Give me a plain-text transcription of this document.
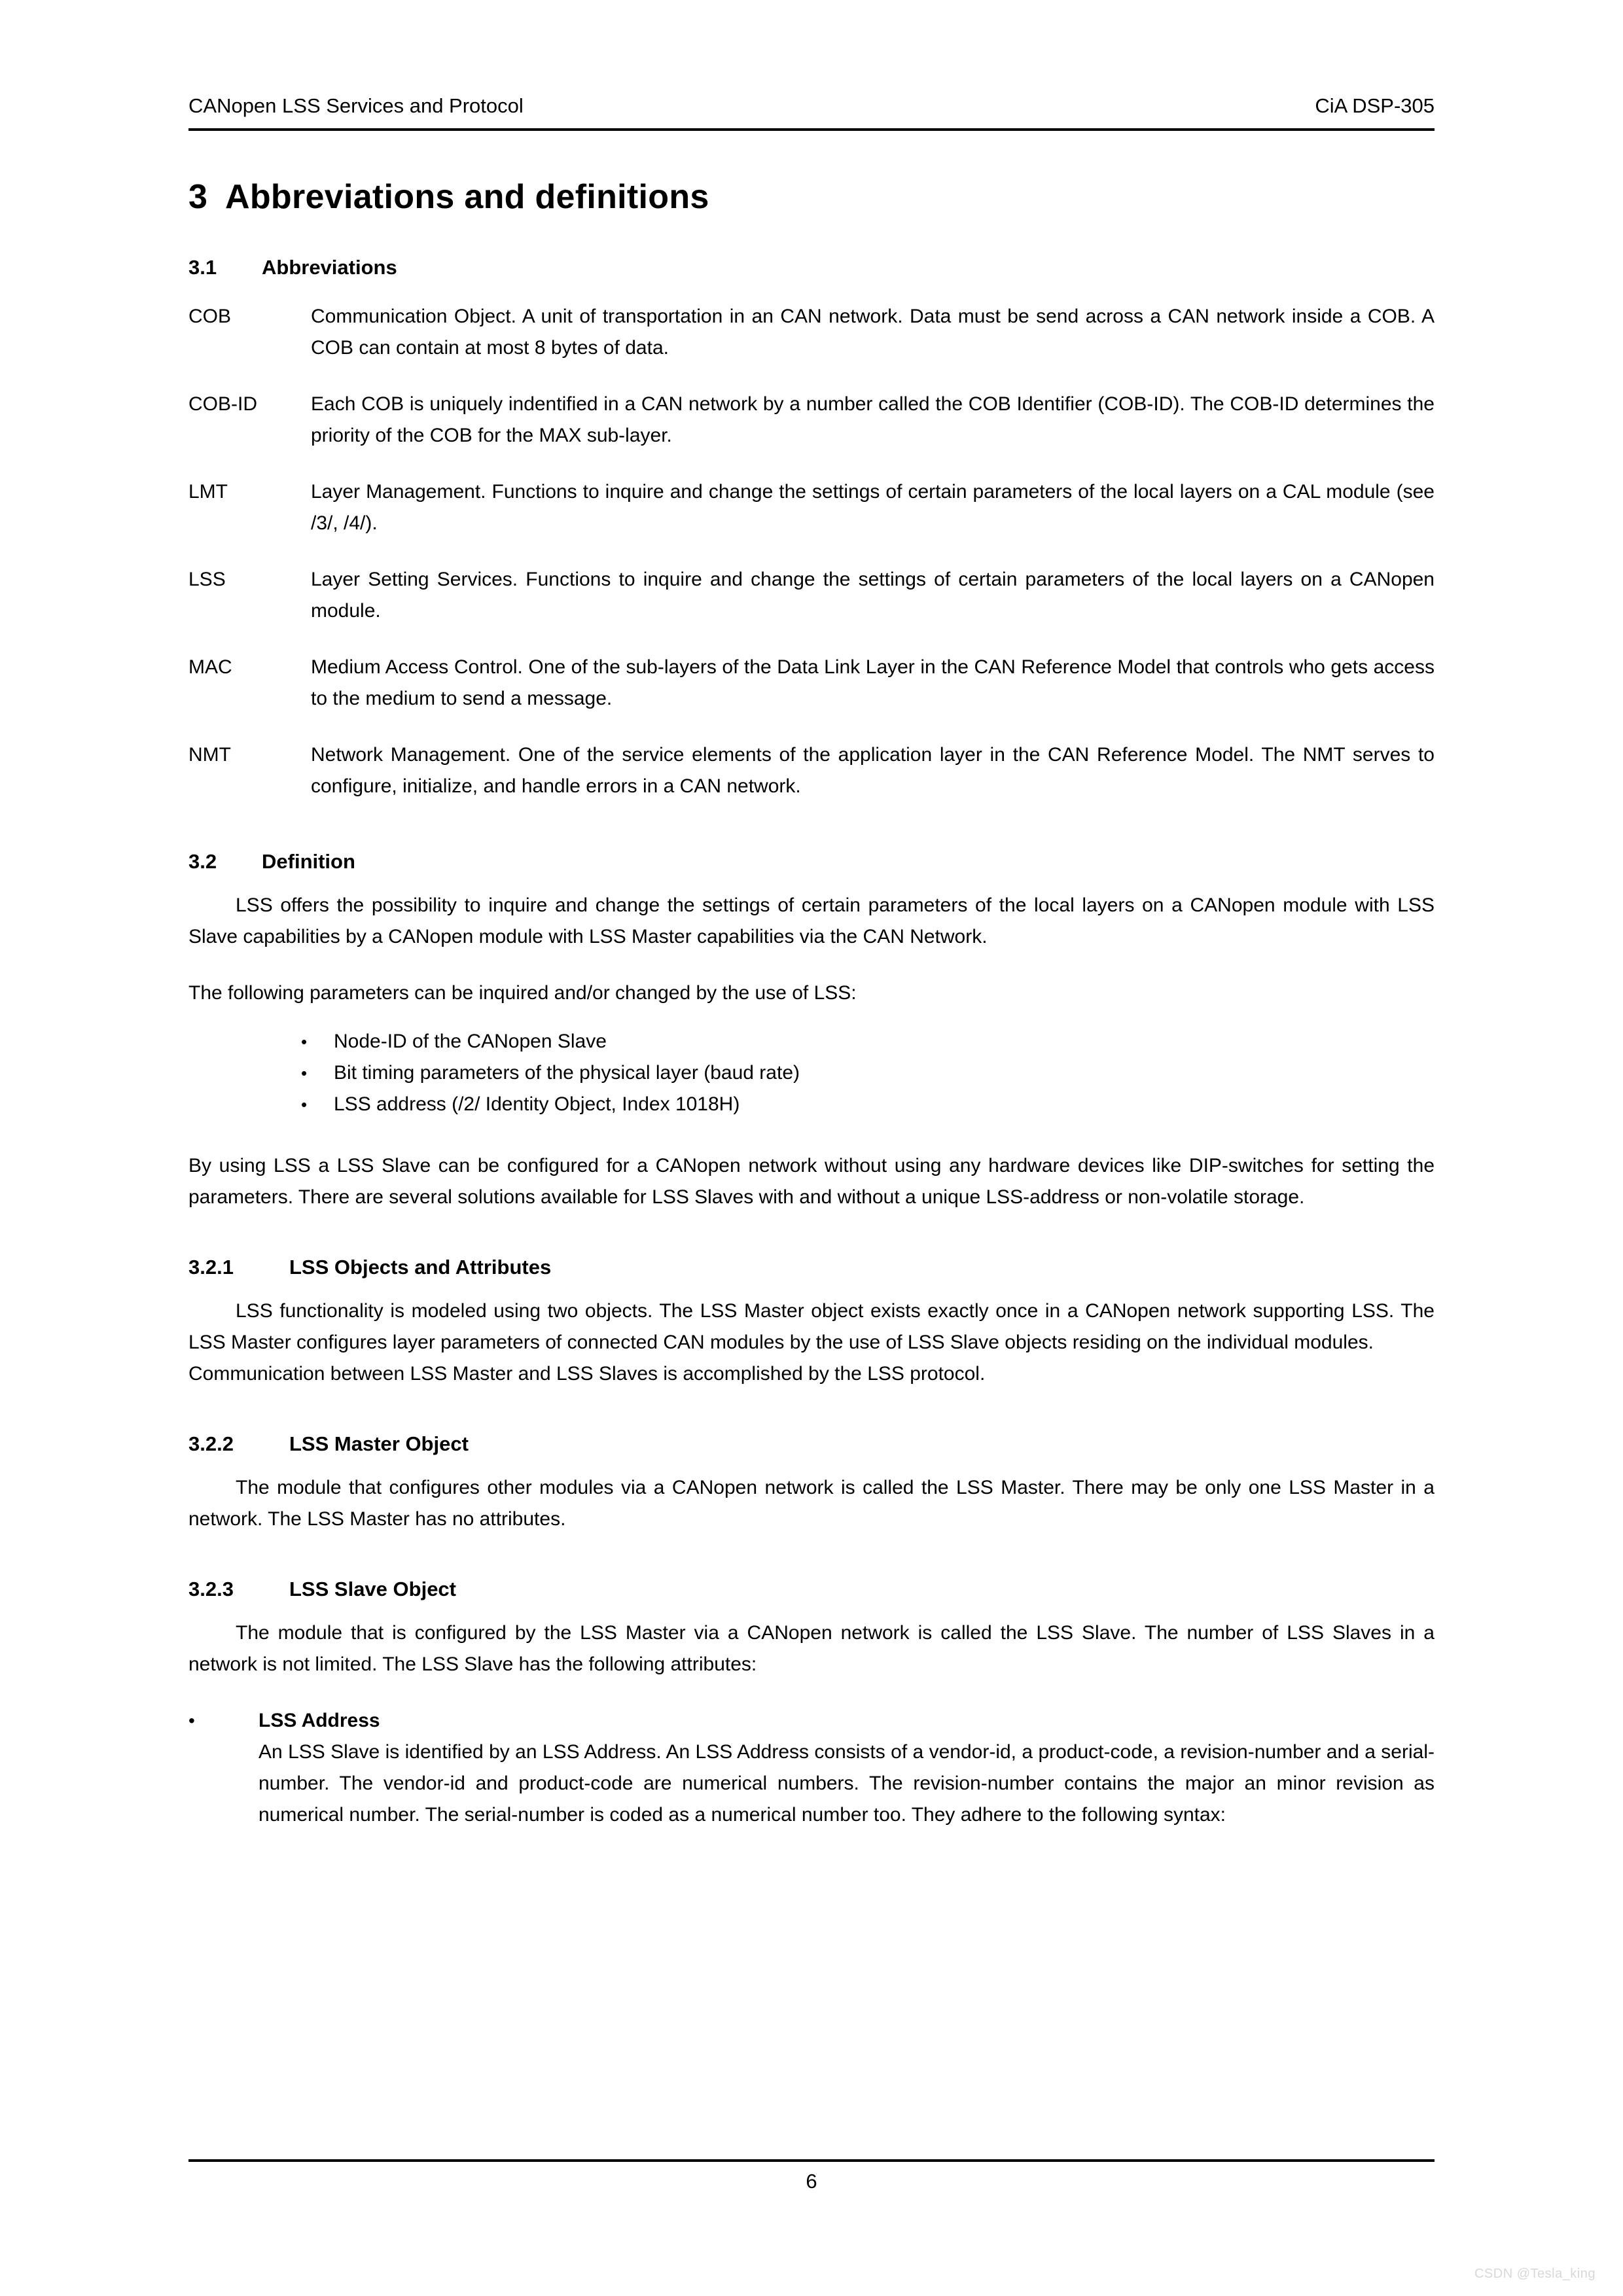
CANopen LSS Services and Protocol	CiA DSP-305
3 Abbreviations and definitions
3.1 Abbreviations
COB	Communication Object. A unit of transportation in an CAN network. Data must be send across a CAN network inside a COB. A COB can contain at most 8 bytes of data.
COB-ID	Each COB is uniquely indentified in a CAN network by a number called the COB Identifier (COB-ID). The COB-ID determines the priority of the COB for the MAX sub-layer.
LMT	Layer Management. Functions to inquire and change the settings of certain parameters of the local layers on a CAL module (see /3/, /4/).
LSS	Layer Setting Services. Functions to inquire and change the settings of certain parameters of the local layers on a CANopen module.
MAC	Medium Access Control. One of the sub-layers of the Data Link Layer in the CAN Reference Model that controls who gets access to the medium to send a message.
NMT	Network Management. One of the service elements of the application layer in the CAN Reference Model. The NMT serves to configure, initialize, and handle errors in a CAN network.
3.2 Definition

LSS offers the possibility to inquire and change the settings of certain parameters of the local layers on a CANopen module with LSS Slave capabilities by a CANopen module with LSS Master capabilities via the CAN Network.

The following parameters can be inquired and/or changed by the use of LSS:

•	Node-ID of the CANopen Slave
•	Bit timing parameters of the physical layer (baud rate)
•	LSS address (/2/ Identity Object, Index 1018H)

By using LSS a LSS Slave can be configured for a CANopen network without using any hardware devices like DIP-switches for setting the parameters. There are several solutions available for LSS Slaves with and without a unique LSS-address or non-volatile storage.

3.2.1	LSS Objects and Attributes

LSS functionality is modeled using two objects. The LSS Master object exists exactly once in a CANopen network supporting LSS. The LSS Master configures layer parameters of connected CAN modules by the use of LSS Slave objects residing on the individual modules.

Communication between LSS Master and LSS Slaves is accomplished by the LSS protocol.

3.2.2	LSS Master Object

The module that configures other modules via a CANopen network is called the LSS Master. There may be only one LSS Master in a network. The LSS Master has no attributes.

3.2.3	LSS Slave Object

The module that is configured by the LSS Master via a CANopen network is called the LSS Slave. The number of LSS Slaves in a network is not limited. The LSS Slave has the following attributes:

•	LSS Address
An LSS Slave is identified by an LSS Address. An LSS Address consists of a vendor-id, a product-code, a revision-number and a serial-number. The vendor-id and product-code are numerical numbers. The revision-number contains the major an minor revision as numerical number. The serial-number is coded as a numerical number too. They adhere to the following syntax:
6
CSDN @Tesla_king
